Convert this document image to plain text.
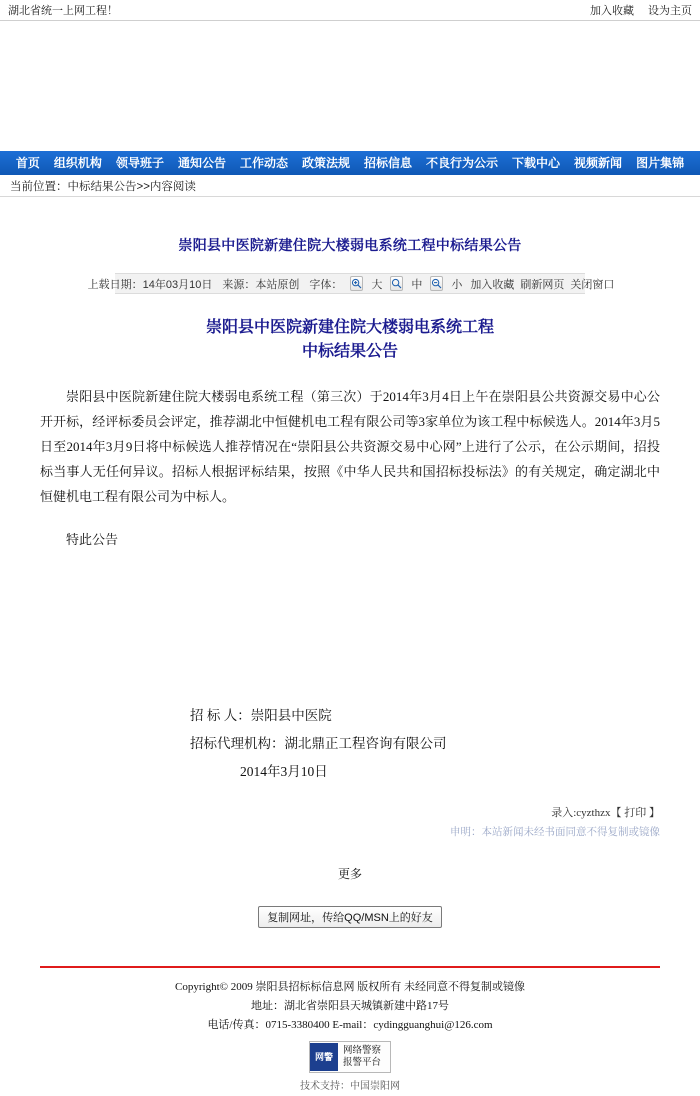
湖北省统一上网工程！	加入收藏 设为主页
首页	组织机构	领导班子	通知公告	工作动态	政策法规	招标信息	不良行为公示	下载中心	视频新闻	图片集锦
当前位置：中标结果公告>>内容阅读
崇阳县中医院新建住院大楼弱电系统工程中标结果公告
上载日期：14年03月10日 来源：本站原创 字体：	大	中	小 加入收藏 刷新网页 关闭窗口
崇阳县中医院新建住院大楼弱电系统工程
中标结果公告

崇阳县中医院新建住院大楼弱电系统工程（第三次）于2014年3月4日上午在崇阳县公共资源交易中心公开开标，经评标委员会评定，推荐湖北中恒健机电工程有限公司等3家单位为该工程中标候选人。2014年3月5日至2014年3月9日将中标候选人推荐情况在“崇阳县公共资源交易中心网”上进行了公示，在公示期间，招投标当事人无任何异议。招标人根据评标结果，按照《中华人民共和国招标投标法》的有关规定，确定湖北中恒健机电工程有限公司为中标人。

特此公告

招 标 人：崇阳县中医院
招标代理机构：湖北鼎正工程咨询有限公司
2014年3月10日
录入:cyzthzx【 打印 】
申明：本站新闻未经书面同意不得复制或镜像
更多
复制网址，传给QQ/MSN上的好友
Copyright© 2009 崇阳县招标标信息网 版权所有 未经同意不得复制或镜像
地址：湖北省崇阳县天城镇新建中路17号
电话/传真：0715-3380400 E-mail：cydingguanghui@126.com
网警
网络警察
报警平台
技术支持：中国崇阳网
